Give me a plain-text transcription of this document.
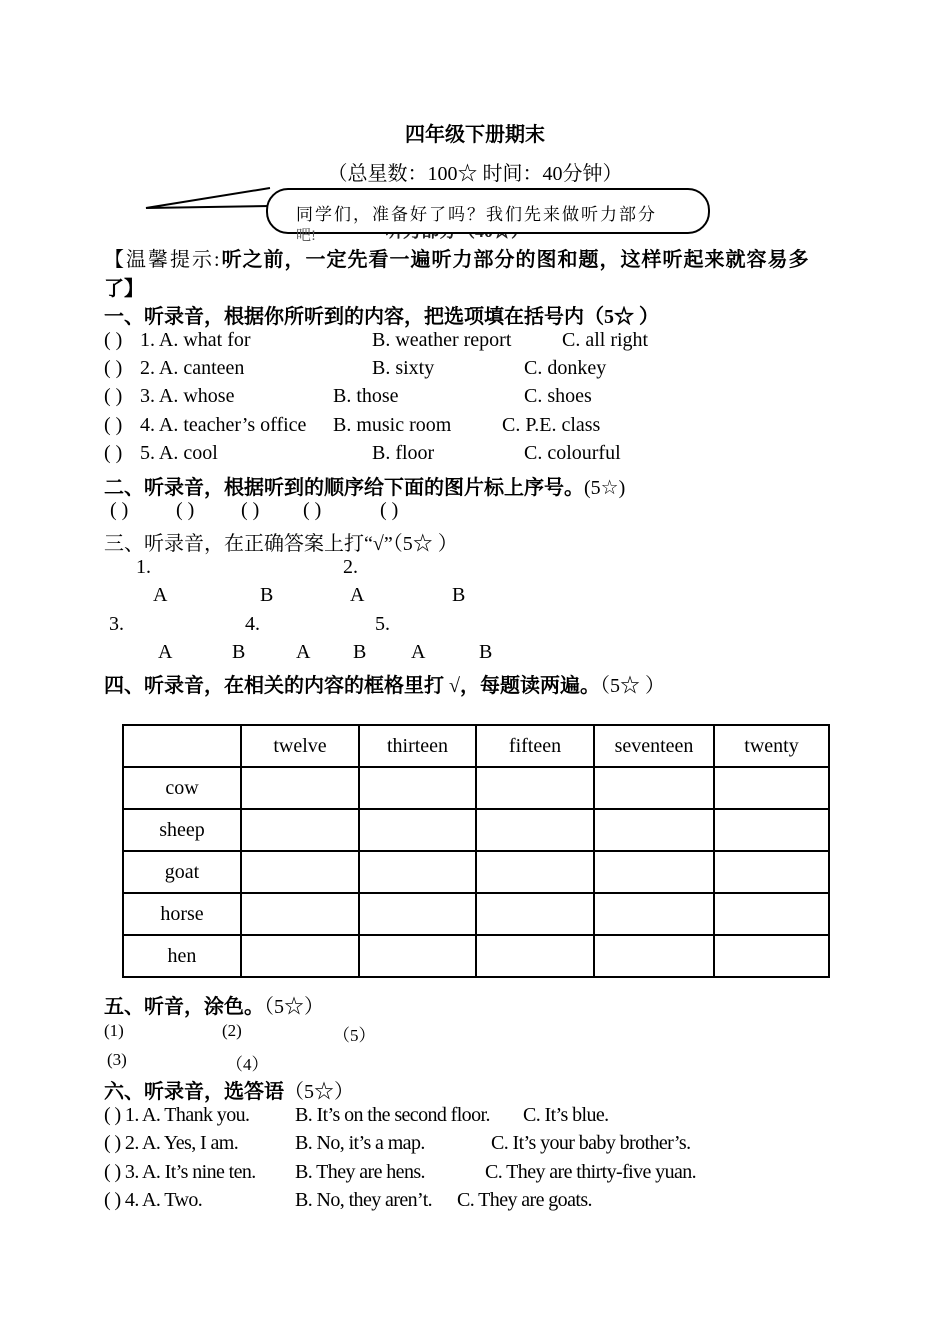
四年级下册期末
（总星数：100☆ 时间：40分钟）
同学们，准备好了吗？我们先来做听力部分
吧!
【温馨提示:听之前，一定先看一遍听力部分的图和题，这样听起来就容易多
了】
一、听录音，根据你所听到的内容，把选项填在括号内（5☆ ）
( ) 1. A. what for	B. weather report	C. all right
( ) 2. A. canteen	B. sixty	C. donkey
( ) 3. A. whose	B. those	C. shoes
( ) 4. A. teacher’s office B. music room	C. P.E. class
( ) 5. A. cool	B. floor	C. colourful
二、听录音，根据听到的顺序给下面的图片标上序号。(5☆)
( ) ( ) ( ) ( )	( )
三、听录音，在正确答案上打“√”（5☆ ）
1.	2.
A	B	A	B
3.	4.	5.
A	B	A B A	B
四、听录音，在相关的内容的框格里打 √，每题读两遍。（5☆ ）
	twelve	thirteen	fifteen	seventeen	twenty
cow					
sheep					
goat					
horse					
hen					
五、听音，涂色。（5☆）
(1)	(2)	（5）
(3)	（4）
六、听录音，选答语（5☆）
( ) 1. A. Thank you. B. It’s on the second floor. C. It’s blue.
( ) 2. A. Yes, I am.	B. No, it’s a map.	C. It’s your baby brother’s.
( ) 3. A. It’s nine ten. B. They are hens.	C. They are thirty-five yuan.
( ) 4. A. Two.	B. No, they aren’t. C. They are goats.
